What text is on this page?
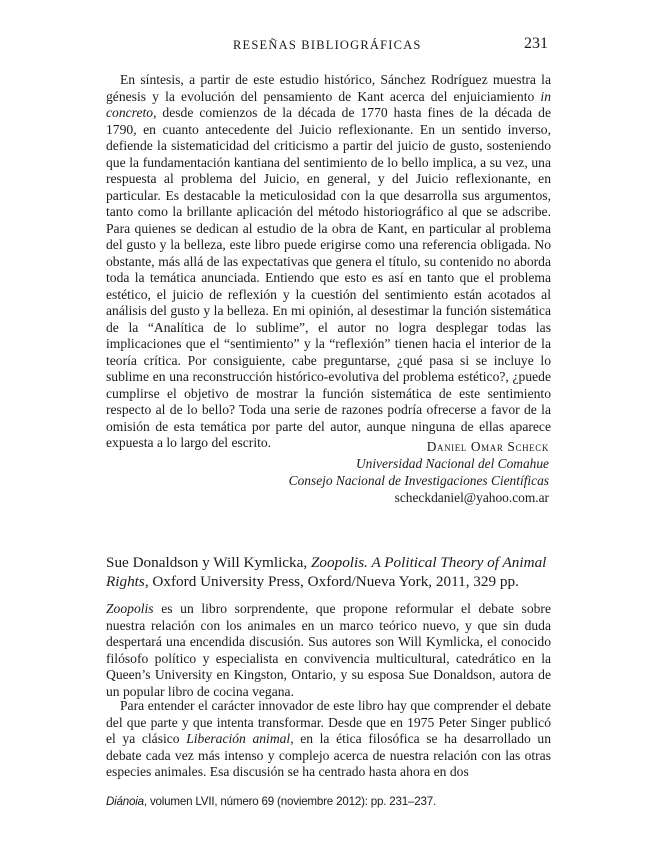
RESEÑAS BIBLIOGRÁFICAS	231

En síntesis, a partir de este estudio histórico, Sánchez Rodríguez muestra la génesis y la evolución del pensamiento de Kant acerca del enjuiciamiento in concreto, desde comienzos de la década de 1770 hasta fines de la década de 1790, en cuanto antecedente del Juicio reflexionante. En un sentido inverso, defiende la sistematicidad del criticismo a partir del juicio de gusto, sosteniendo que la fundamentación kantiana del sentimiento de lo bello implica, a su vez, una respuesta al problema del Juicio, en general, y del Juicio reflexionante, en particular. Es destacable la meticulosidad con la que desarrolla sus argumentos, tanto como la brillante aplicación del método historiográfico al que se adscribe. Para quienes se dedican al estudio de la obra de Kant, en particular al problema del gusto y la belleza, este libro puede erigirse como una referencia obligada. No obstante, más allá de las expectativas que genera el título, su contenido no aborda toda la temática anunciada. Entiendo que esto es así en tanto que el problema estético, el juicio de reflexión y la cuestión del sentimiento están acotados al análisis del gusto y la belleza. En mi opinión, al desestimar la función sistemática de la “Analítica de lo sublime”, el autor no logra desplegar todas las implicaciones que el “sentimiento” y la “reflexión” tienen hacia el interior de la teoría crítica. Por consiguiente, cabe preguntarse, ¿qué pasa si se incluye lo sublime en una reconstrucción histórico-evolutiva del problema estético?, ¿puede cumplirse el objetivo de mostrar la función sistemática de este sentimiento respecto al de lo bello? Toda una serie de razones podría ofrecerse a favor de la omisión de esta temática por parte del autor, aunque ninguna de ellas aparece expuesta a lo largo del escrito.	Daniel Omar Scheck
Universidad Nacional del Comahue
Consejo Nacional de Investigaciones Científicas
scheckdaniel@yahoo.com.ar

Sue Donaldson y Will Kymlicka, Zoopolis. A Political Theory of Animal Rights, Oxford University Press, Oxford/Nueva York, 2011, 329 pp.

Zoopolis es un libro sorprendente, que propone reformular el debate sobre nuestra relación con los animales en un marco teórico nuevo, y que sin duda despertará una encendida discusión. Sus autores son Will Kymlicka, el conocido filósofo político y especialista en convivencia multicultural, catedrático en la Queen’s University en Kingston, Ontario, y su esposa Sue Donaldson, autora de un popular libro de cocina vegana.

Para entender el carácter innovador de este libro hay que comprender el debate del que parte y que intenta transformar. Desde que en 1975 Peter Singer publicó el ya clásico Liberación animal, en la ética filosófica se ha desarrollado un debate cada vez más intenso y complejo acerca de nuestra relación con las otras especies animales. Esa discusión se ha centrado hasta ahora en dos

Diánoia, volumen LVII, número 69 (noviembre 2012): pp. 231–237.
